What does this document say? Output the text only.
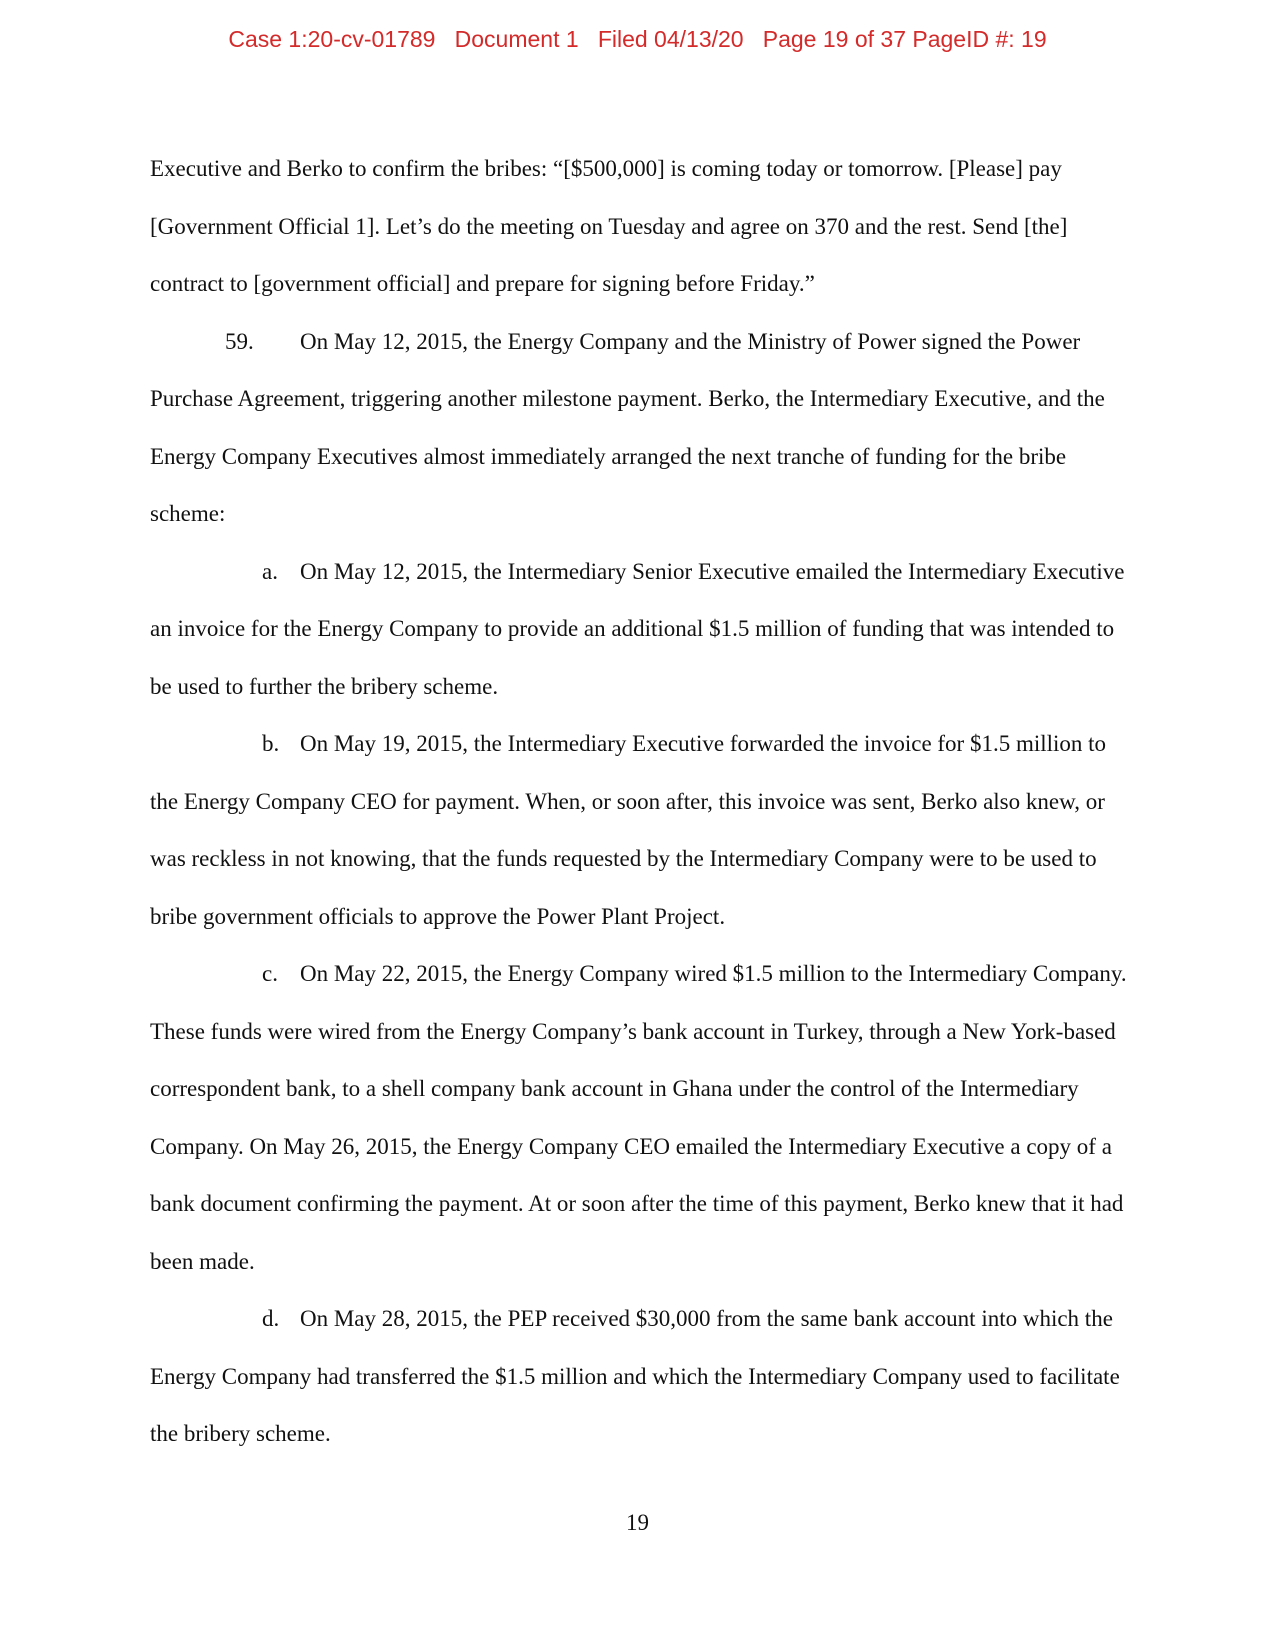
Case 1:20-cv-01789   Document 1   Filed 04/13/20   Page 19 of 37 PageID #: 19

Executive and Berko to confirm the bribes: “[$500,000] is coming today or tomorrow. [Please] pay [Government Official 1]. Let’s do the meeting on Tuesday and agree on 370 and the rest. Send [the] contract to [government official] and prepare for signing before Friday.”

59. On May 12, 2015, the Energy Company and the Ministry of Power signed the Power Purchase Agreement, triggering another milestone payment. Berko, the Intermediary Executive, and the Energy Company Executives almost immediately arranged the next tranche of funding for the bribe scheme:

a. On May 12, 2015, the Intermediary Senior Executive emailed the Intermediary Executive an invoice for the Energy Company to provide an additional $1.5 million of funding that was intended to be used to further the bribery scheme.

b. On May 19, 2015, the Intermediary Executive forwarded the invoice for $1.5 million to the Energy Company CEO for payment. When, or soon after, this invoice was sent, Berko also knew, or was reckless in not knowing, that the funds requested by the Intermediary Company were to be used to bribe government officials to approve the Power Plant Project.

c. On May 22, 2015, the Energy Company wired $1.5 million to the Intermediary Company. These funds were wired from the Energy Company’s bank account in Turkey, through a New York-based correspondent bank, to a shell company bank account in Ghana under the control of the Intermediary Company. On May 26, 2015, the Energy Company CEO emailed the Intermediary Executive a copy of a bank document confirming the payment. At or soon after the time of this payment, Berko knew that it had been made.

d. On May 28, 2015, the PEP received $30,000 from the same bank account into which the Energy Company had transferred the $1.5 million and which the Intermediary Company used to facilitate the bribery scheme.

19
